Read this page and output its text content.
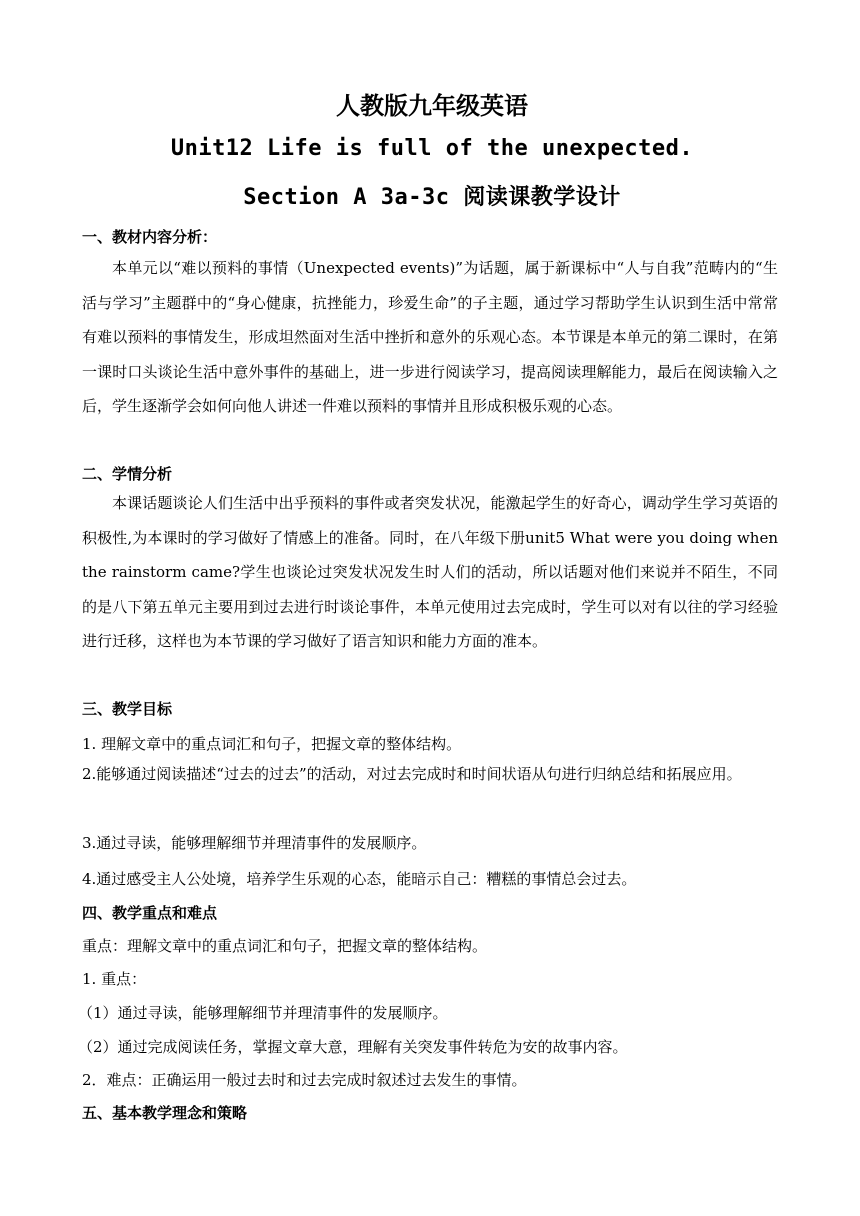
人教版九年级英语
Unit12 Life is full of the unexpected.
Section A 3a-3c 阅读课教学设计
一、教材内容分析：
本单元以“难以预料的事情（Unexpected events)”为话题，属于新课标中“人与自我”范畴内的“生活与学习”主题群中的“身心健康，抗挫能力，珍爱生命”的子主题，通过学习帮助学生认识到生活中常常有难以预料的事情发生，形成坦然面对生活中挫折和意外的乐观心态。本节课是本单元的第二课时，在第一课时口头谈论生活中意外事件的基础上，进一步进行阅读学习，提高阅读理解能力，最后在阅读输入之后，学生逐渐学会如何向他人讲述一件难以预料的事情并且形成积极乐观的心态。
二、学情分析
本课话题谈论人们生活中出乎预料的事件或者突发状况，能激起学生的好奇心，调动学生学习英语的积极性,为本课时的学习做好了情感上的准备。同时，在八年级下册unit5 What were you doing when the rainstorm came?学生也谈论过突发状况发生时人们的活动，所以话题对他们来说并不陌生，不同的是八下第五单元主要用到过去进行时谈论事件，本单元使用过去完成时，学生可以对有以往的学习经验进行迁移，这样也为本节课的学习做好了语言知识和能力方面的准本。
三、教学目标
1. 理解文章中的重点词汇和句子，把握文章的整体结构。
2.能够通过阅读描述“过去的过去”的活动，对过去完成时和时间状语从句进行归纳总结和拓展应用。
3.通过寻读，能够理解细节并理清事件的发展顺序。
4.通过感受主人公处境，培养学生乐观的心态，能暗示自己：糟糕的事情总会过去。
四、教学重点和难点
重点：理解文章中的重点词汇和句子，把握文章的整体结构。
1. 重点：
（1）通过寻读，能够理解细节并理清事件的发展顺序。
（2）通过完成阅读任务，掌握文章大意，理解有关突发事件转危为安的故事内容。
2．难点：正确运用一般过去时和过去完成时叙述过去发生的事情。
五、基本教学理念和策略
